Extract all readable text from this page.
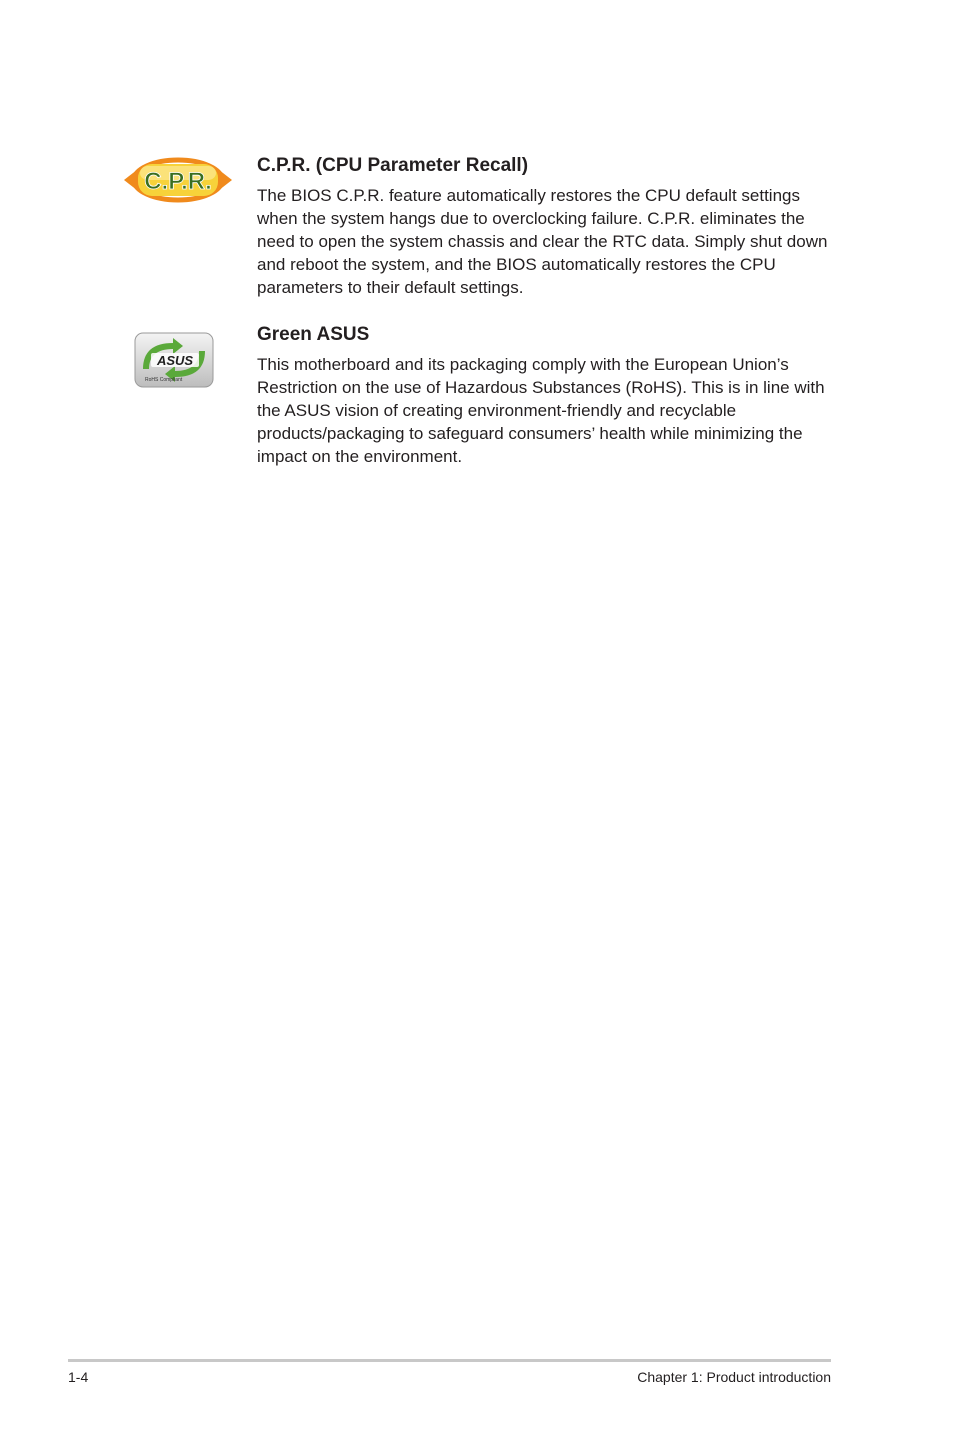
C.P.R.
C.P.R. (CPU Parameter Recall)

The BIOS C.P.R. feature automatically restores the CPU default settings when the system hangs due to overclocking failure. C.P.R. eliminates the need to open the system chassis and clear the RTC data. Simply shut down and reboot the system, and the BIOS automatically restores the CPU parameters to their default settings.

ASUS
RoHS Compliant
Green ASUS

This motherboard and its packaging comply with the European Union’s Restriction on the use of Hazardous Substances (RoHS). This is in line with the ASUS vision of creating environment-friendly and recyclable products/packaging to safeguard consumers’ health while minimizing the impact on the environment.

1-4	Chapter 1: Product introduction
